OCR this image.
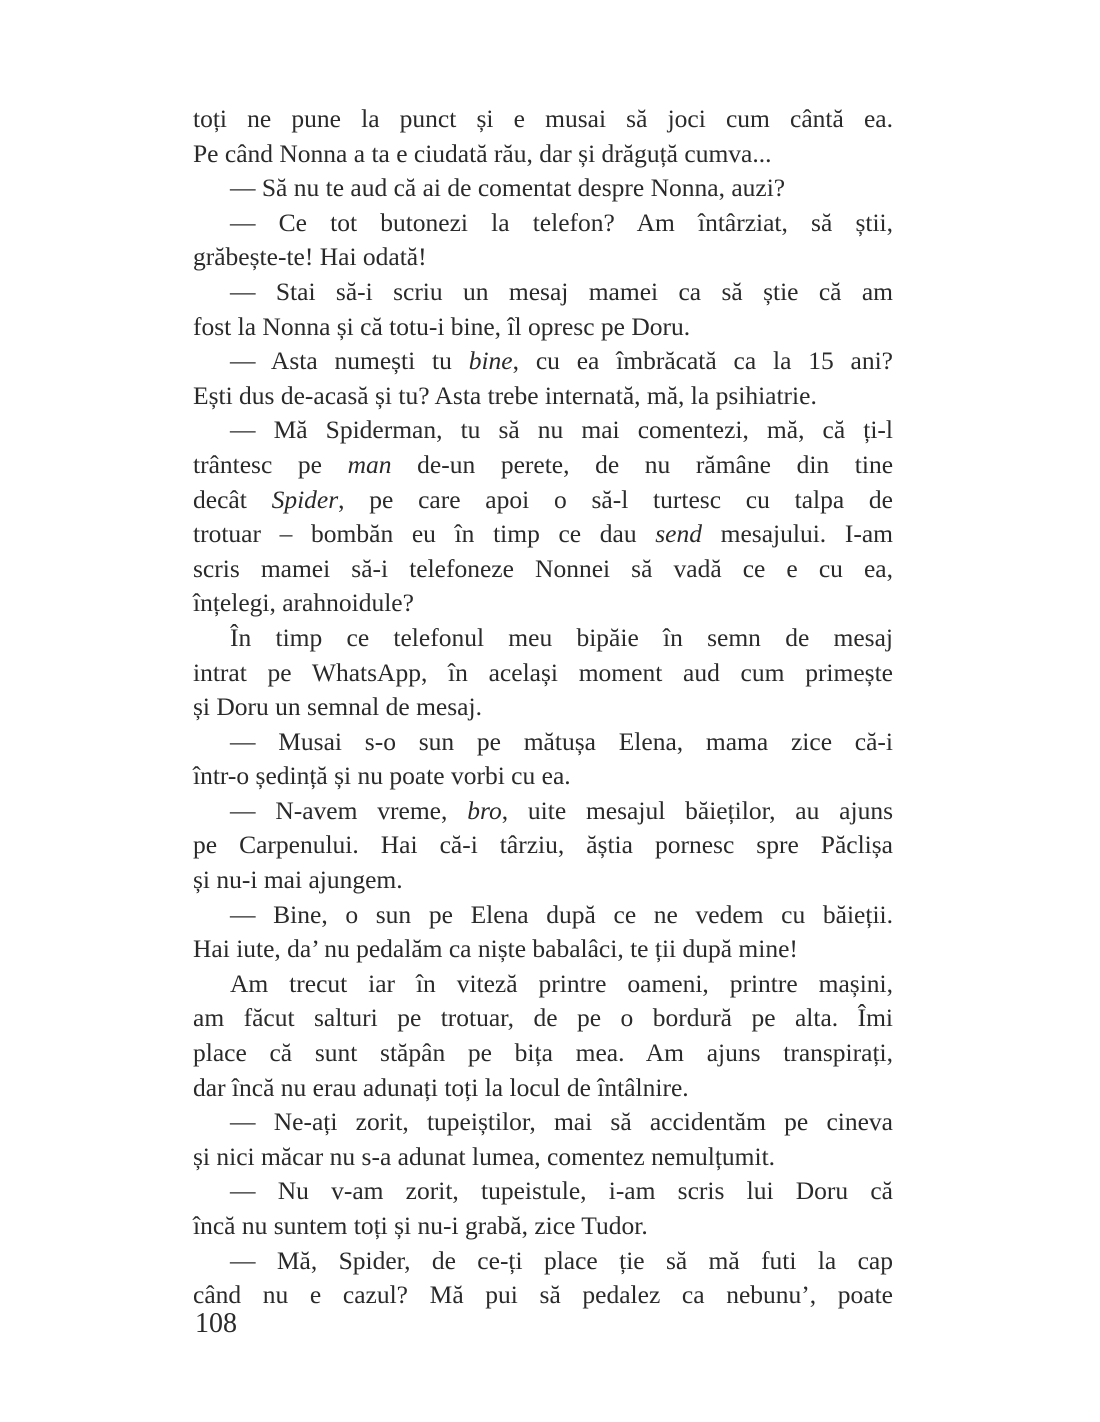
toți ne pune la punct și e musai să joci cum cântă ea.
Pe când Nonna a ta e ciudată rău, dar și drăguță cumva...
— Să nu te aud că ai de comentat despre Nonna, auzi?
— Ce tot butonezi la telefon? Am întârziat, să știi,
grăbește-te! Hai odată!
— Stai să-i scriu un mesaj mamei ca să știe că am
fost la Nonna și că totu-i bine, îl opresc pe Doru.
— Asta numești tu bine, cu ea îmbrăcată ca la 15 ani?
Ești dus de-acasă și tu? Asta trebe internată, mă, la psihiatrie.
— Mă Spiderman, tu să nu mai comentezi, mă, că ți-l
trântesc pe man de-un perete, de nu rămâne din tine
decât Spider, pe care apoi o să-l turtesc cu talpa de
trotuar – bombăn eu în timp ce dau send mesajului. I-am
scris mamei să-i telefoneze Nonnei să vadă ce e cu ea,
înțelegi, arahnoidule?
În timp ce telefonul meu bipăie în semn de mesaj
intrat pe WhatsApp, în același moment aud cum primește
și Doru un semnal de mesaj.
— Musai s-o sun pe mătușa Elena, mama zice că-i
într-o ședință și nu poate vorbi cu ea.
— N-avem vreme, bro, uite mesajul băieților, au ajuns
pe Carpenului. Hai că-i târziu, ăștia pornesc spre Păclișa
și nu-i mai ajungem.
— Bine, o sun pe Elena după ce ne vedem cu băieții.
Hai iute, da’ nu pedalăm ca niște babalâci, te ții după mine!
Am trecut iar în viteză printre oameni, printre mașini,
am făcut salturi pe trotuar, de pe o bordură pe alta. Îmi
place că sunt stăpân pe bița mea. Am ajuns transpirați,
dar încă nu erau adunați toți la locul de întâlnire.
— Ne-ați zorit, tupeiștilor, mai să accidentăm pe cineva
și nici măcar nu s-a adunat lumea, comentez nemulțumit.
— Nu v-am zorit, tupeistule, i-am scris lui Doru că
încă nu suntem toți și nu-i grabă, zice Tudor.
— Mă, Spider, de ce-ți place ție să mă futi la cap
când nu e cazul? Mă pui să pedalez ca nebunu’, poate
108
